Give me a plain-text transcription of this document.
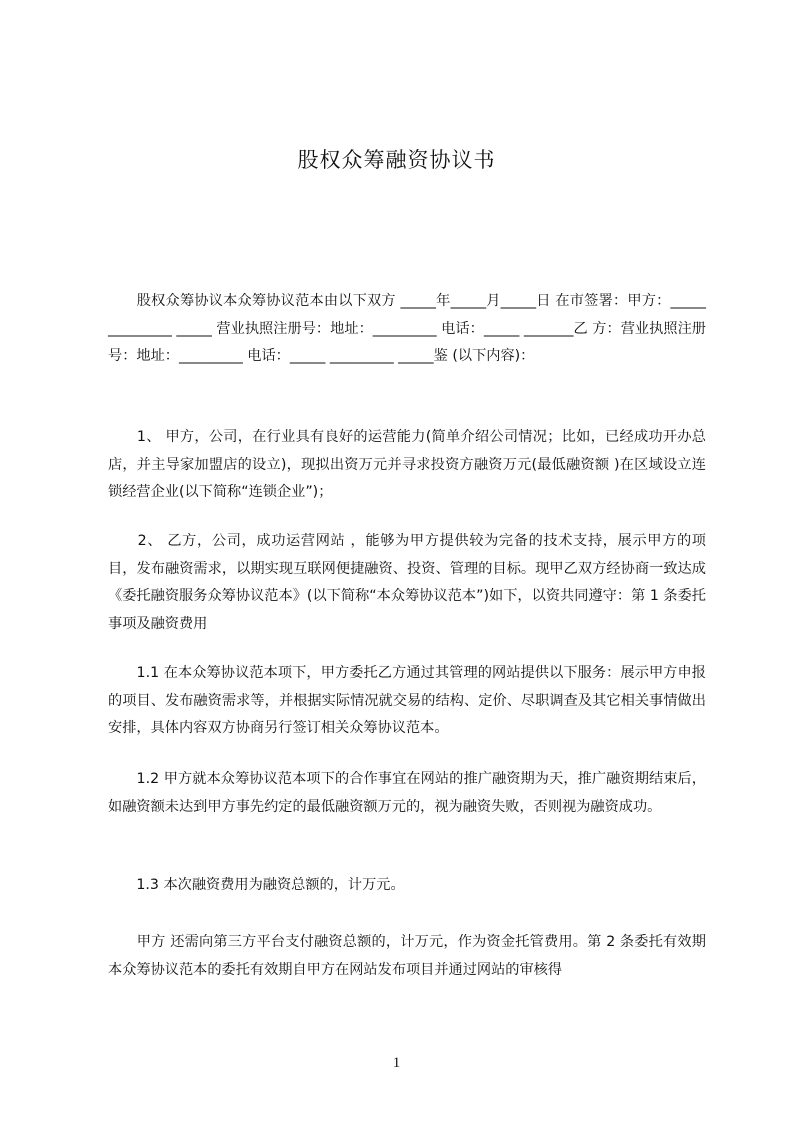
股权众筹融资协议书
　　股权众筹协议本众筹协议范本由以下双方 _____年_____月_____日 在市签署：甲方：_____ _________ _____ 营业执照注册号：地址：_________ 电话：_____ _______乙 方：营业执照注册号：地址：_________ 电话：_____ _________ _____鉴 (以下内容)：
　　1、 甲方，公司，在行业具有良好的运营能力(简单介绍公司情况；比如，已经成功开办总店，并主导家加盟店的设立)，现拟出资万元并寻求投资方融资万元(最低融资额 )在区域设立连锁经营企业(以下简称“连锁企业”)；
　　2、 乙方，公司，成功运营网站 ，能够为甲方提供较为完备的技术支持，展示甲方的项目，发布融资需求，以期实现互联网便捷融资、投资、管理的目标。现甲乙双方经协商一致达成《委托融资服务众筹协议范本》(以下简称“本众筹协议范本”)如下，以资共同遵守：第 1 条委托事项及融资费用
　　1.1 在本众筹协议范本项下，甲方委托乙方通过其管理的网站提供以下服务：展示甲方申报的项目、发布融资需求等，并根据实际情况就交易的结构、定价、尽职调查及其它相关事情做出安排，具体内容双方协商另行签订相关众筹协议范本。
　　1.2 甲方就本众筹协议范本项下的合作事宜在网站的推广融资期为天，推广融资期结束后，如融资额未达到甲方事先约定的最低融资额万元的，视为融资失败，否则视为融资成功。
　　1.3 本次融资费用为融资总额的，计万元。
　　甲方 还需向第三方平台支付融资总额的，计万元，作为资金托管费用。第 2 条委托有效期本众筹协议范本的委托有效期自甲方在网站发布项目并通过网站的审核得
1
